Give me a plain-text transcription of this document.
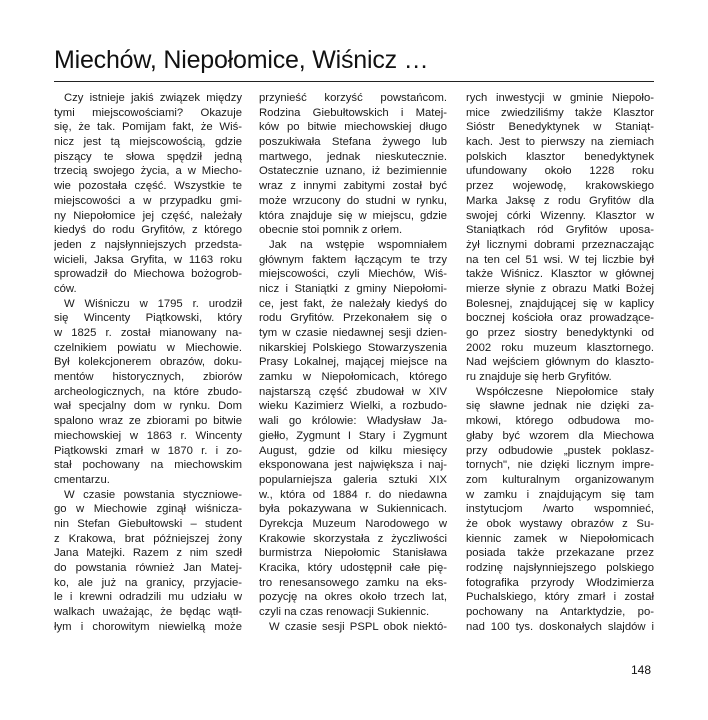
Miechów, Niepołomice, Wiśnicz …
Czy istnieje jakiś związek między
tymi miejscowościami? Okazuje
się, że tak. Pomijam fakt, że Wiś-
nicz jest tą miejscowością, gdzie
piszący te słowa spędził jedną
trzecią swojego życia, a w Miecho-
wie pozostała część. Wszystkie te
miejscowości a w przypadku gmi-
ny Niepołomice jej część, należały
kiedyś do rodu Gryfitów, z którego
jeden z najsłynniejszych przedsta-
wicieli, Jaksa Gryfita, w 1163 roku
sprowadził do Miechowa bożogrob-
ców.
W Wiśniczu w 1795 r. urodził
się Wincenty Piątkowski, który
w 1825 r. został mianowany na-
czelnikiem powiatu w Miechowie.
Był kolekcjonerem obrazów, doku-
mentów historycznych, zbiorów
archeologicznych, na które zbudo-
wał specjalny dom w rynku. Dom
spalono wraz ze zbiorami po bitwie
miechowskiej w 1863 r. Wincenty
Piątkowski zmarł w 1870 r. i zo-
stał pochowany na miechowskim
cmentarzu.
W czasie powstania styczniowe-
go w Miechowie zginął wiśnicza-
nin Stefan Giebułtowski – student
z Krakowa, brat późniejszej żony
Jana Matejki. Razem z nim szedł
do powstania również Jan Matej-
ko, ale już na granicy, przyjacie-
le i krewni odradzili mu udziału w
walkach uważając, że będąc wątł-
łym i chorowitym niewielką może
przynieść korzyść powstańcom.
Rodzina Giebułtowskich i Matej-
ków po bitwie miechowskiej długo
poszukiwała Stefana żywego lub
martwego, jednak nieskutecznie.
Ostatecznie uznano, iż bezimiennie
wraz z innymi zabitymi został być
może wrzucony do studni w rynku,
która znajduje się w miejscu, gdzie
obecnie stoi pomnik z orłem.
Jak na wstępie wspomniałem
głównym faktem łączącym te trzy
miejscowości, czyli Miechów, Wiś-
nicz i Staniątki z gminy Niepołomi-
ce, jest fakt, że należały kiedyś do
rodu Gryfitów. Przekonałem się o
tym w czasie niedawnej sesji dzien-
nikarskiej Polskiego Stowarzyszenia
Prasy Lokalnej, mającej miejsce na
zamku w Niepołomicach, którego
najstarszą część zbudował w XIV
wieku Kazimierz Wielki, a rozbudo-
wali go królowie: Władysław Ja-
giełło, Zygmunt I Stary i Zygmunt
August, gdzie od kilku miesięcy
eksponowana jest największa i naj-
popularniejsza galeria sztuki XIX
w., która od 1884 r. do niedawna
była pokazywana w Sukiennicach.
Dyrekcja Muzeum Narodowego w
Krakowie skorzystała z życzliwości
burmistrza Niepołomic Stanisława
Kracika, który udostępnił całe pię-
tro renesansowego zamku na eks-
pozycję na okres około trzech lat,
czyli na czas renowacji Sukiennic.
W czasie sesji PSPL obok niektó-
rych inwestycji w gminie Niepoło-
mice zwiedziliśmy także Klasztor
Sióstr Benedyktynek w Staniąt-
kach. Jest to pierwszy na ziemiach
polskich klasztor benedyktynek
ufundowany około 1228 roku
przez wojewodę, krakowskiego
Marka Jaksę z rodu Gryfitów dla
swojej córki Wizenny. Klasztor w
Staniątkach ród Gryfitów uposa-
żył licznymi dobrami przeznaczając
na ten cel 51 wsi. W tej liczbie był
także Wiśnicz. Klasztor w głównej
mierze słynie z obrazu Matki Bożej
Bolesnej, znajdującej się w kaplicy
bocznej kościoła oraz prowadzące-
go przez siostry benedyktynki od
2002 roku muzeum klasztornego.
Nad wejściem głównym do klaszto-
ru znajduje się herb Gryfitów.
Współczesne Niepołomice stały
się sławne jednak nie dzięki za-
mkowi, którego odbudowa mo-
głaby być wzorem dla Miechowa
przy odbudowie „pustek poklasz-
tornych", nie dzięki licznym impre-
zom kulturalnym organizowanym
w zamku i znajdującym się tam
instytucjom /warto wspomnieć,
że obok wystawy obrazów z Su-
kiennic zamek w Niepołomicach
posiada także przekazane przez
rodzinę najsłynniejszego polskiego
fotografika przyrody Włodzimierza
Puchalskiego, który zmarł i został
pochowany na Antarktydzie, po-
nad 100 tys. doskonałych slajdów i
148
